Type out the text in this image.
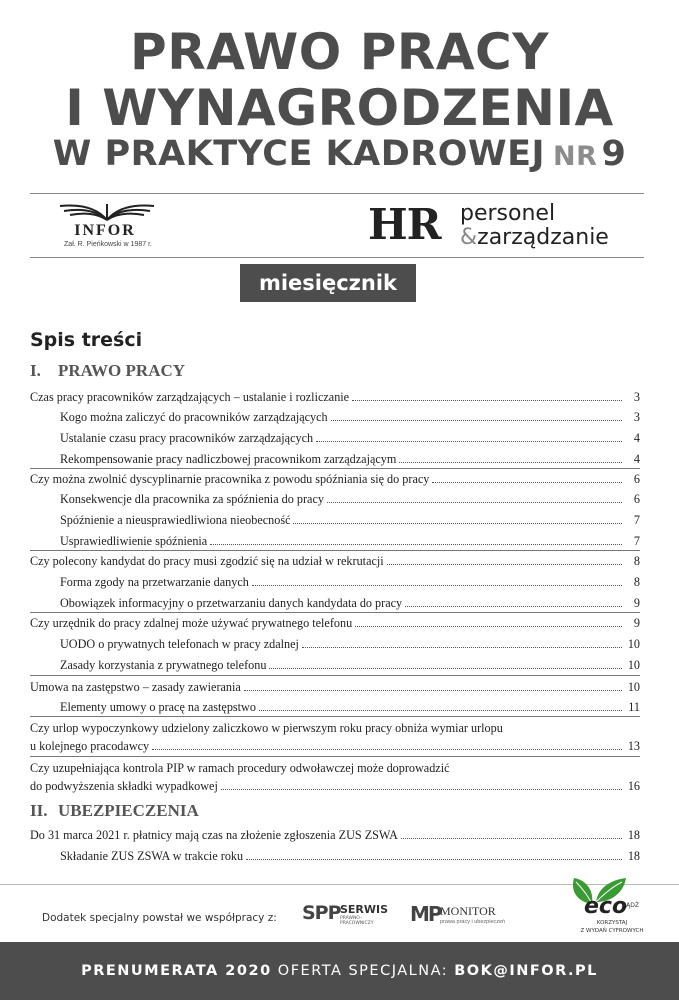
PRAWO PRACY
I WYNAGRODZENIA
W PRAKTYCE KADROWEJ NR 9
INFOR
Zał. R. Pieńkowski w 1987 r.	HR personel
&zarządzanie
miesięcznik
Spis treści
I. PRAWO PRACY
Czas pracy pracowników zarządzających – ustalanie i rozliczanie	3
Kogo można zaliczyć do pracowników zarządzających	3
Ustalanie czasu pracy pracowników zarządzających	4
Rekompensowanie pracy nadliczbowej pracownikom zarządzającym	4
Czy można zwolnić dyscyplinarnie pracownika z powodu spóźniania się do pracy	6
Konsekwencje dla pracownika za spóźnienia do pracy	6
Spóźnienie a nieusprawiedliwiona nieobecność	7
Usprawiedliwienie spóźnienia	7
Czy polecony kandydat do pracy musi zgodzić się na udział w rekrutacji	8
Forma zgody na przetwarzanie danych	8
Obowiązek informacyjny o przetwarzaniu danych kandydata do pracy	9
Czy urzędnik do pracy zdalnej może używać prywatnego telefonu	9
UODO o prywatnych telefonach w pracy zdalnej	10
Zasady korzystania z prywatnego telefonu	10
Umowa na zastępstwo – zasady zawierania	10
Elementy umowy o pracę na zastępstwo	11
Czy urlop wypoczynkowy udzielony zaliczkowo w pierwszym roku pracy obniża wymiar urlopu
u kolejnego pracodawcy	13
Czy uzupełniająca kontrola PIP w ramach procedury odwoławczej może doprowadzić
do podwyższenia składki wypadkowej	16
II. UBEZPIECZENIA
Do 31 marca 2021 r. płatnicy mają czas na złożenie zgłoszenia ZUS ZSWA	18
Składanie ZUS ZSWA w trakcie roku	18
Dodatek specjalny powstał we współpracy z: SPP SERWIS
PRAWNO-PRACOWNICZY	MP MONITOR
prawa pracy i ubezpieczeń
BĄDŹ
eco
KORZYSTAJ
Z WYDAŃ CYFROWYCH
PRENUMERATA 2020 OFERTA SPECJALNA: BOK@INFOR.PL
